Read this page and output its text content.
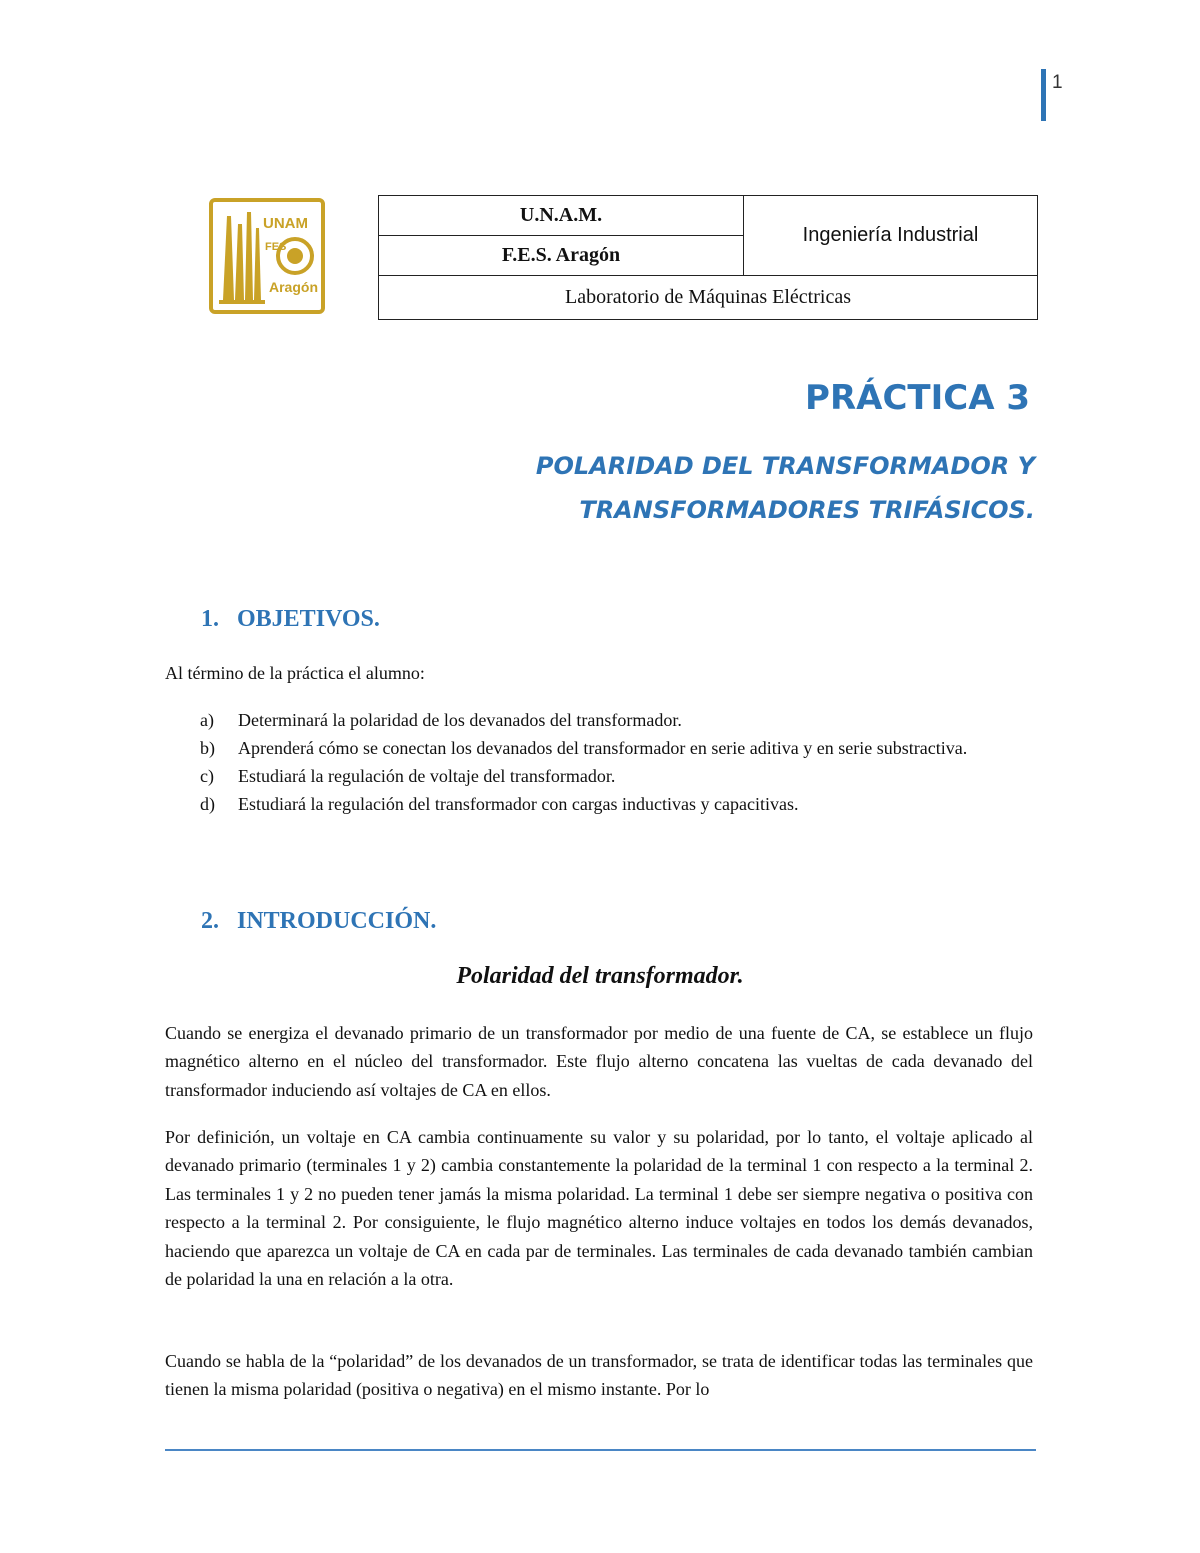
1
UNAM
FES
Aragón
U.N.A.M.	Ingeniería Industrial
F.E.S. Aragón
Laboratorio de Máquinas Eléctricas
PRÁCTICA 3
POLARIDAD DEL TRANSFORMADOR Y
TRANSFORMADORES TRIFÁSICOS.
1. OBJETIVOS.
Al término de la práctica el alumno:
a) Determinará la polaridad de los devanados del transformador.
b) Aprenderá cómo se conectan los devanados del transformador en serie aditiva y en serie substractiva.
c) Estudiará la regulación de voltaje del transformador.
d) Estudiará la regulación del transformador con cargas inductivas y capacitivas.
2. INTRODUCCIÓN.
Polaridad del transformador.
Cuando se energiza el devanado primario de un transformador por medio de una fuente de CA, se establece un flujo magnético alterno en el núcleo del transformador. Este flujo alterno concatena las vueltas de cada devanado del transformador induciendo así voltajes de CA en ellos.
Por definición, un voltaje en CA cambia continuamente su valor y su polaridad, por lo tanto, el voltaje aplicado al devanado primario (terminales 1 y 2) cambia constantemente la polaridad de la terminal 1 con respecto a la terminal 2. Las terminales 1 y 2 no pueden tener jamás la misma polaridad. La terminal 1 debe ser siempre negativa o positiva con respecto a la terminal 2. Por consiguiente, le flujo magnético alterno induce voltajes en todos los demás devanados, haciendo que aparezca un voltaje de CA en cada par de terminales. Las terminales de cada devanado también cambian de polaridad la una en relación a la otra.
Cuando se habla de la “polaridad” de los devanados de un transformador, se trata de identificar todas las terminales que tienen la misma polaridad (positiva o negativa) en el mismo instante. Por lo
